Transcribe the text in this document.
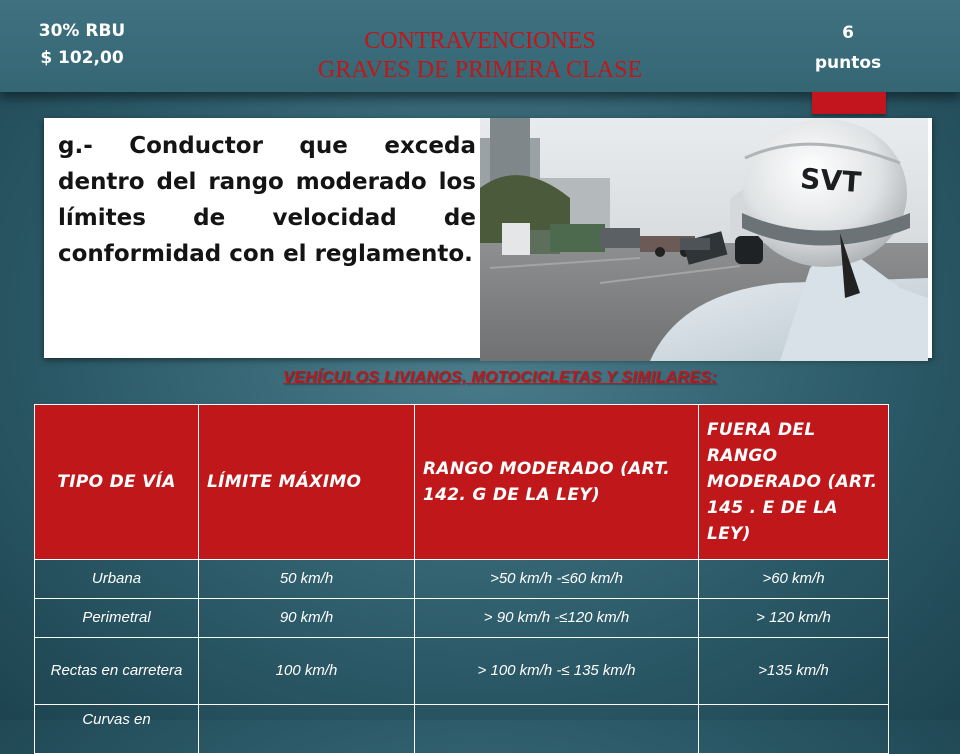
30% RBU
$ 102,00
CONTRAVENCIONES
GRAVES DE PRIMERA CLASE
6
puntos
g.- Conductor que exceda dentro del rango moderado los límites de velocidad de conformidad con el reglamento.
SVT
VEHÍCULOS LIVIANOS, MOTOCICLETAS Y SIMILARES:
TIPO DE VÍA	LÍMITE MÁXIMO	RANGO MODERADO (ART. 142. G DE LA LEY)	FUERA DEL RANGO MODERADO (ART. 145 . E DE LA LEY)
Urbana	50 km/h	>50 km/h -≤60 km/h	>60 km/h
Perimetral	90 km/h	> 90 km/h -≤120 km/h	> 120 km/h
Rectas en carretera	100 km/h	> 100 km/h -≤ 135 km/h	>135 km/h
Curvas en			
